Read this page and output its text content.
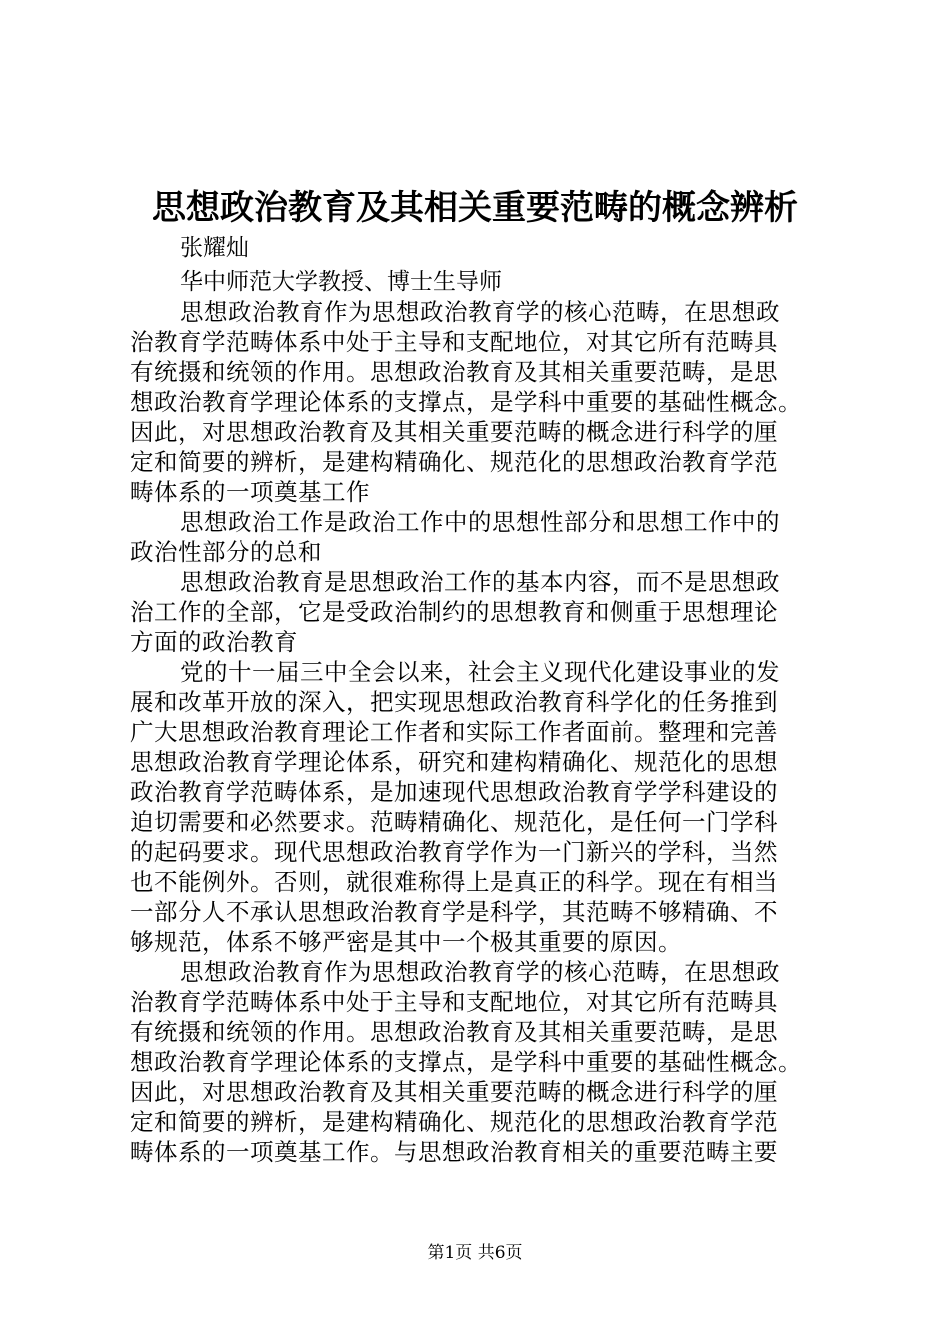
思想政治教育及其相关重要范畴的概念辨析
张耀灿
华中师范大学教授、博士生导师
思想政治教育作为思想政治教育学的核心范畴，在思想政
治教育学范畴体系中处于主导和支配地位，对其它所有范畴具
有统摄和统领的作用。思想政治教育及其相关重要范畴，是思
想政治教育学理论体系的支撑点，是学科中重要的基础性概念。
因此，对思想政治教育及其相关重要范畴的概念进行科学的厘
定和简要的辨析，是建构精确化、规范化的思想政治教育学范
畴体系的一项奠基工作
思想政治工作是政治工作中的思想性部分和思想工作中的
政治性部分的总和
思想政治教育是思想政治工作的基本内容，而不是思想政
治工作的全部，它是受政治制约的思想教育和侧重于思想理论
方面的政治教育
党的十一届三中全会以来，社会主义现代化建设事业的发
展和改革开放的深入，把实现思想政治教育科学化的任务推到
广大思想政治教育理论工作者和实际工作者面前。整理和完善
思想政治教育学理论体系，研究和建构精确化、规范化的思想
政治教育学范畴体系，是加速现代思想政治教育学学科建设的
迫切需要和必然要求。范畴精确化、规范化，是任何一门学科
的起码要求。现代思想政治教育学作为一门新兴的学科，当然
也不能例外。否则，就很难称得上是真正的科学。现在有相当
一部分人不承认思想政治教育学是科学，其范畴不够精确、不
够规范，体系不够严密是其中一个极其重要的原因。
思想政治教育作为思想政治教育学的核心范畴，在思想政
治教育学范畴体系中处于主导和支配地位，对其它所有范畴具
有统摄和统领的作用。思想政治教育及其相关重要范畴，是思
想政治教育学理论体系的支撑点，是学科中重要的基础性概念。
因此，对思想政治教育及其相关重要范畴的概念进行科学的厘
定和简要的辨析，是建构精确化、规范化的思想政治教育学范
畴体系的一项奠基工作。与思想政治教育相关的重要范畴主要
第1页 共6页
